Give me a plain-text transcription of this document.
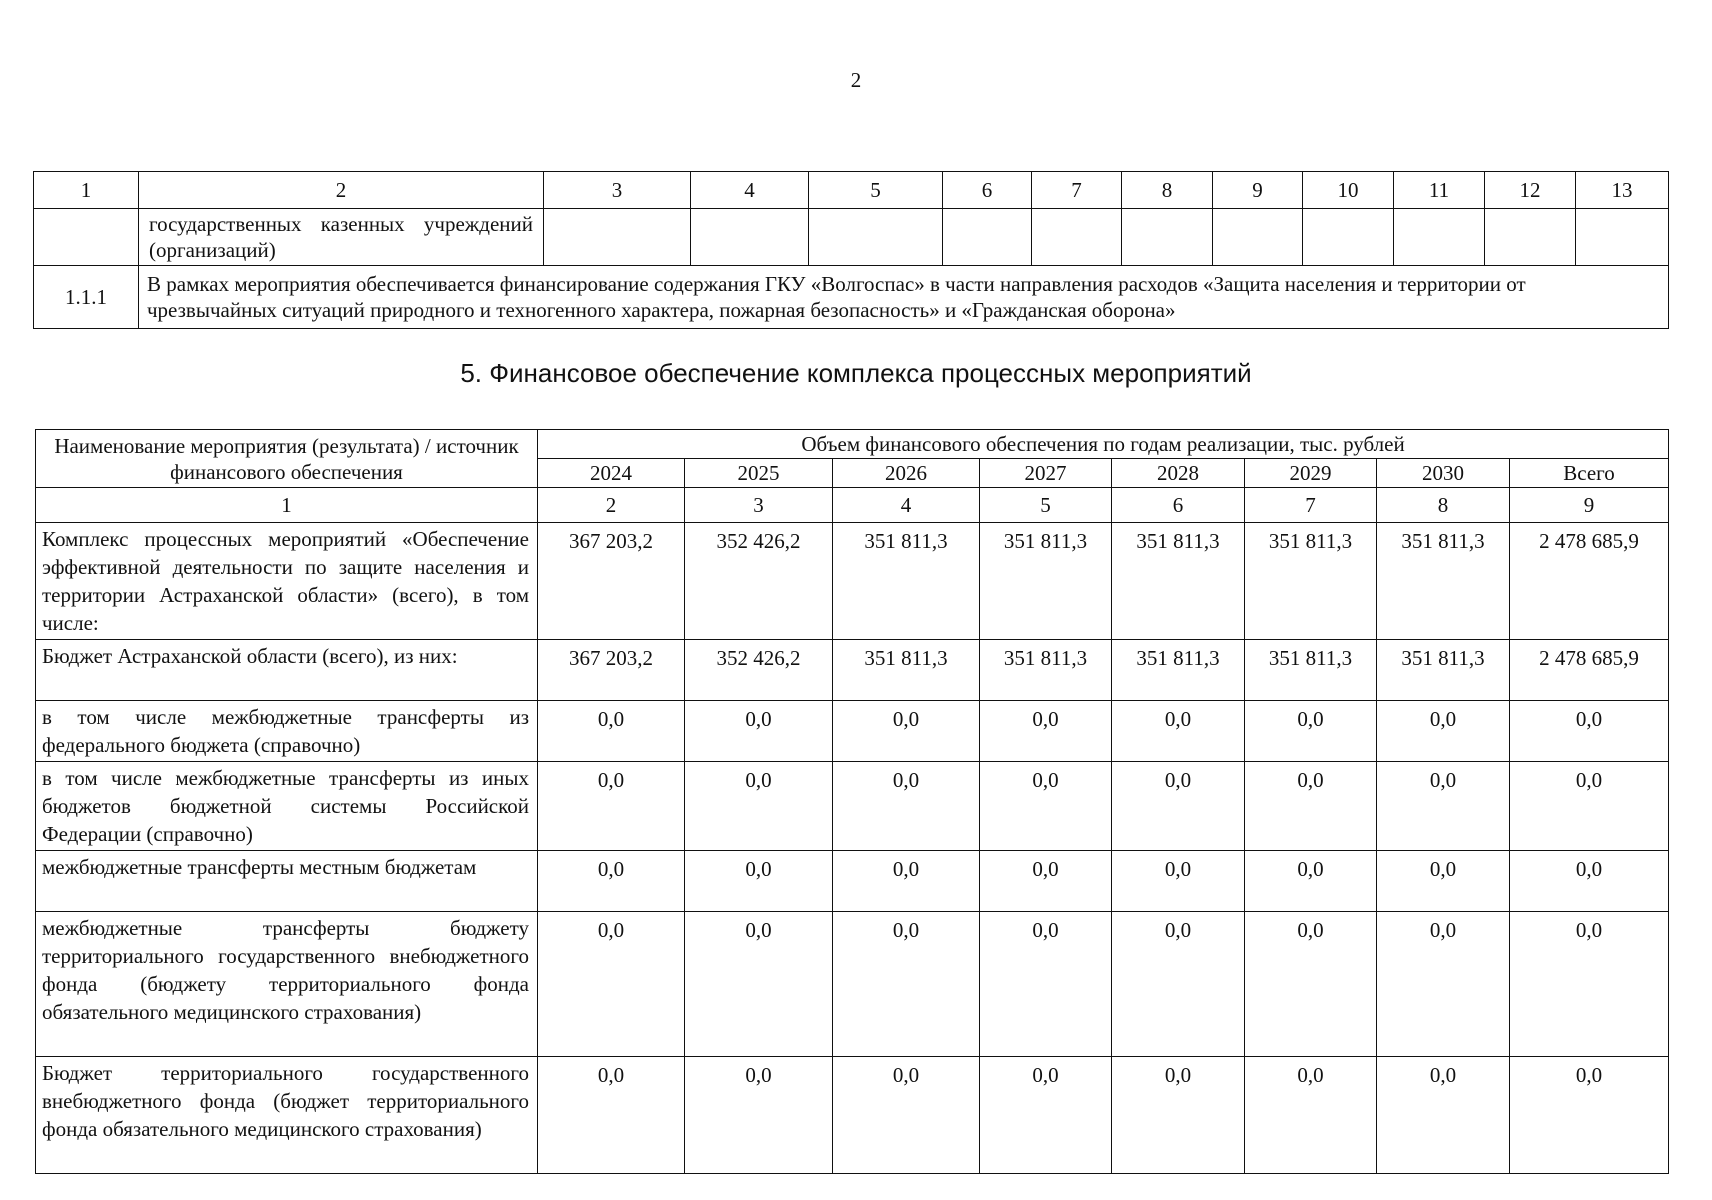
2
1	2	3	4	5	6	7	8	9	10	11	12	13
	государственных казенных учреждений (организаций)											
1.1.1	В рамках мероприятия обеспечивается финансирование содержания ГКУ «Волгоспас» в части направления расходов «Защита населения и территории от чрезвычайных ситуаций природного и техногенного характера, пожарная безопасность» и «Гражданская оборона»											
5. Финансовое обеспечение комплекса процессных мероприятий
Наименование мероприятия (результата) / источник финансового обеспечения	Объем финансового обеспечения по годам реализации, тыс. рублей							
	2024	2025	2026	2027	2028	2029	2030	Всего
1	2	3	4	5	6	7	8	9
Комплекс процессных мероприятий «Обеспечение эффективной деятельности по защите населения и территории Астраханской области» (всего), в том числе:	367 203,2	352 426,2	351 811,3	351 811,3	351 811,3	351 811,3	351 811,3	2 478 685,9
Бюджет Астраханской области (всего), из них:	367 203,2	352 426,2	351 811,3	351 811,3	351 811,3	351 811,3	351 811,3	2 478 685,9
в том числе межбюджетные трансферты из федерального бюджета (справочно)	0,0	0,0	0,0	0,0	0,0	0,0	0,0	0,0
в том числе межбюджетные трансферты из иных бюджетов бюджетной системы Российской Федерации (справочно)	0,0	0,0	0,0	0,0	0,0	0,0	0,0	0,0
межбюджетные трансферты местным бюджетам	0,0	0,0	0,0	0,0	0,0	0,0	0,0	0,0
межбюджетные трансферты бюджету территориального государственного внебюджетного фонда (бюджету территориального фонда обязательного медицинского страхования)	0,0	0,0	0,0	0,0	0,0	0,0	0,0	0,0
Бюджет территориального государственного внебюджетного фонда (бюджет территориального фонда обязательного медицинского страхования)	0,0	0,0	0,0	0,0	0,0	0,0	0,0	0,0
